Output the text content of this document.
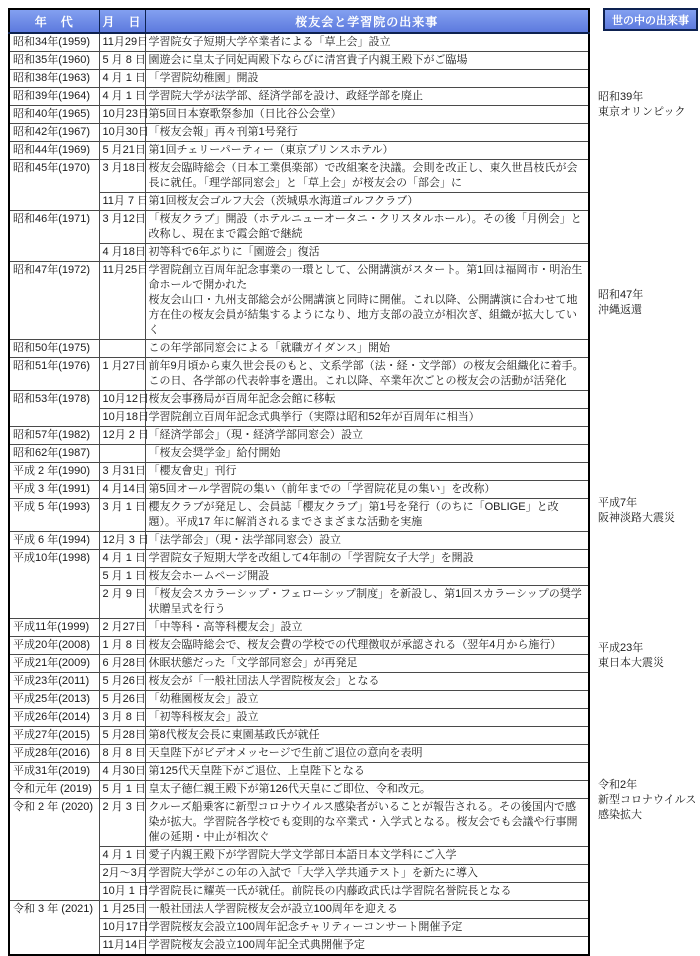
年　代	月　日	桜友会と学習院の出来事
昭和34年(1959)	11月29日	学習院女子短期大学卒業者による「草上会」設立

昭和35年(1960)	5 月 8 日	園遊会に皇太子同妃両殿下ならびに清宮貴子内親王殿下がご臨場

昭和38年(1963)	4 月 1 日	「学習院幼稚園」開設

昭和39年(1964)	4 月 1 日	学習院大学が法学部、経済学部を設け、政経学部を廃止

昭和40年(1965)	10月23日	第5回日本寮歌祭参加（日比谷公会堂）

昭和42年(1967)	10月30日	「桜友会報」再々刊第1号発行

昭和44年(1969)	5 月21日	第1回チェリーパーティー（東京プリンスホテル）

昭和45年(1970)	3 月18日	桜友会臨時総会（日本工業倶楽部）で改組案を決議。会則を改正し、東久世昌枝氏が会長に就任。「理学部同窓会」と「草上会」が桜友会の「部会」に

	11月 7 日	第1回桜友会ゴルフ大会（茨城県水海道ゴルフクラブ）

昭和46年(1971)	3 月12日	「桜友クラブ」開設（ホテルニューオータニ・クリスタルホール）。その後「月例会」と改称し、現在まで霞会館で継続

	4 月18日	初等科で6年ぶりに「園遊会」復活

昭和47年(1972)	11月25日	学習院創立百周年記念事業の一環として、公開講演がスタート。第1回は福岡市・明治生命ホールで開かれた
桜友会山口・九州支部総会が公開講演と同時に開催。これ以降、公開講演に合わせて地方在住の桜友会員が結集するようになり、地方支部の設立が相次ぎ、組織が拡大していく

昭和50年(1975)		この年学部同窓会による「就職ガイダンス」開始

昭和51年(1976)	1 月27日	前年9月頃から東久世会長のもと、文系学部（法・経・文学部）の桜友会組織化に着手。この日、各学部の代表幹事を選出。これ以降、卒業年次ごとの桜友会の活動が活発化

昭和53年(1978)	10月12日	桜友会事務局が百周年記念会館に移転

	10月18日	学習院創立百周年記念式典挙行（実際は昭和52年が百周年に相当）

昭和57年(1982)	12月 2 日	「経済学部会」（現・経済学部同窓会）設立

昭和62年(1987)		「桜友会奨学金」給付開始

平成 2 年(1990)	3 月31日	「櫻友會史」刊行

平成 3 年(1991)	4 月14日	第5回オール学習院の集い（前年までの「学習院花見の集い」を改称）

平成 5 年(1993)	3 月 1 日	櫻友クラブが発足し、会員誌「櫻友クラブ」第1号を発行（のちに「OBLIGE」と改題）。平成17 年に解消されるまでさまざまな活動を実施

平成 6 年(1994)	12月 3 日	「法学部会」（現・法学部同窓会）設立

平成10年(1998)	4 月 1 日	学習院女子短期大学を改組して4年制の「学習院女子大学」を開設

	5 月 1 日	桜友会ホームページ開設

	2 月 9 日	「桜友会スカラーシップ・フェローシップ制度」を新設し、第1回スカラーシップの奨学状贈呈式を行う

平成11年(1999)	2 月27日	「中等科・高等科櫻友会」設立

平成20年(2008)	1 月 8 日	桜友会臨時総会で、桜友会費の学校での代理徴収が承認される（翌年4月から施行）

平成21年(2009)	6 月28日	休眠状態だった「文学部同窓会」が再発足

平成23年(2011)	5 月26日	桜友会が「一般社団法人学習院桜友会」となる

平成25年(2013)	5 月26日	「幼稚園桜友会」設立

平成26年(2014)	3 月 8 日	「初等科桜友会」設立

平成27年(2015)	5 月28日	第8代桜友会長に東園基政氏が就任

平成28年(2016)	8 月 8 日	天皇陛下がビデオメッセージで生前ご退位の意向を表明

平成31年(2019)	4 月30日	第125代天皇陛下がご退位、上皇陛下となる

令和元年 (2019)	5 月 1 日	皇太子徳仁親王殿下が第126代天皇にご即位、令和改元。

令和 2 年 (2020)	2 月 3 日	クルーズ船乗客に新型コロナウイルス感染者がいることが報告される。その後国内で感染が拡大。学習院各学校でも変則的な卒業式・入学式となる。桜友会でも会議や行事開催の延期・中止が相次ぐ

	4 月 1 日	愛子内親王殿下が学習院大学文学部日本語日本文学科にご入学

	2月～3月	学習院大学がこの年の入試で「大学入学共通テスト」を新たに導入

	10月 1 日	学習院長に耀英一氏が就任。前院長の内藤政武氏は学習院名誉院長となる

令和 3 年 (2021)	1 月25日	一般社団法人学習院桜友会が設立100周年を迎える

	10月17日	学習院桜友会設立100周年記念チャリティーコンサート開催予定

	11月14日	学習院桜友会設立100周年記全式典開催予定
世の中の出来事
昭和39年
東京オリンピック
昭和47年
沖縄返還
平成7年
阪神淡路大震災
平成23年
東日本大震災
令和2年
新型コロナウイルス
感染拡大
